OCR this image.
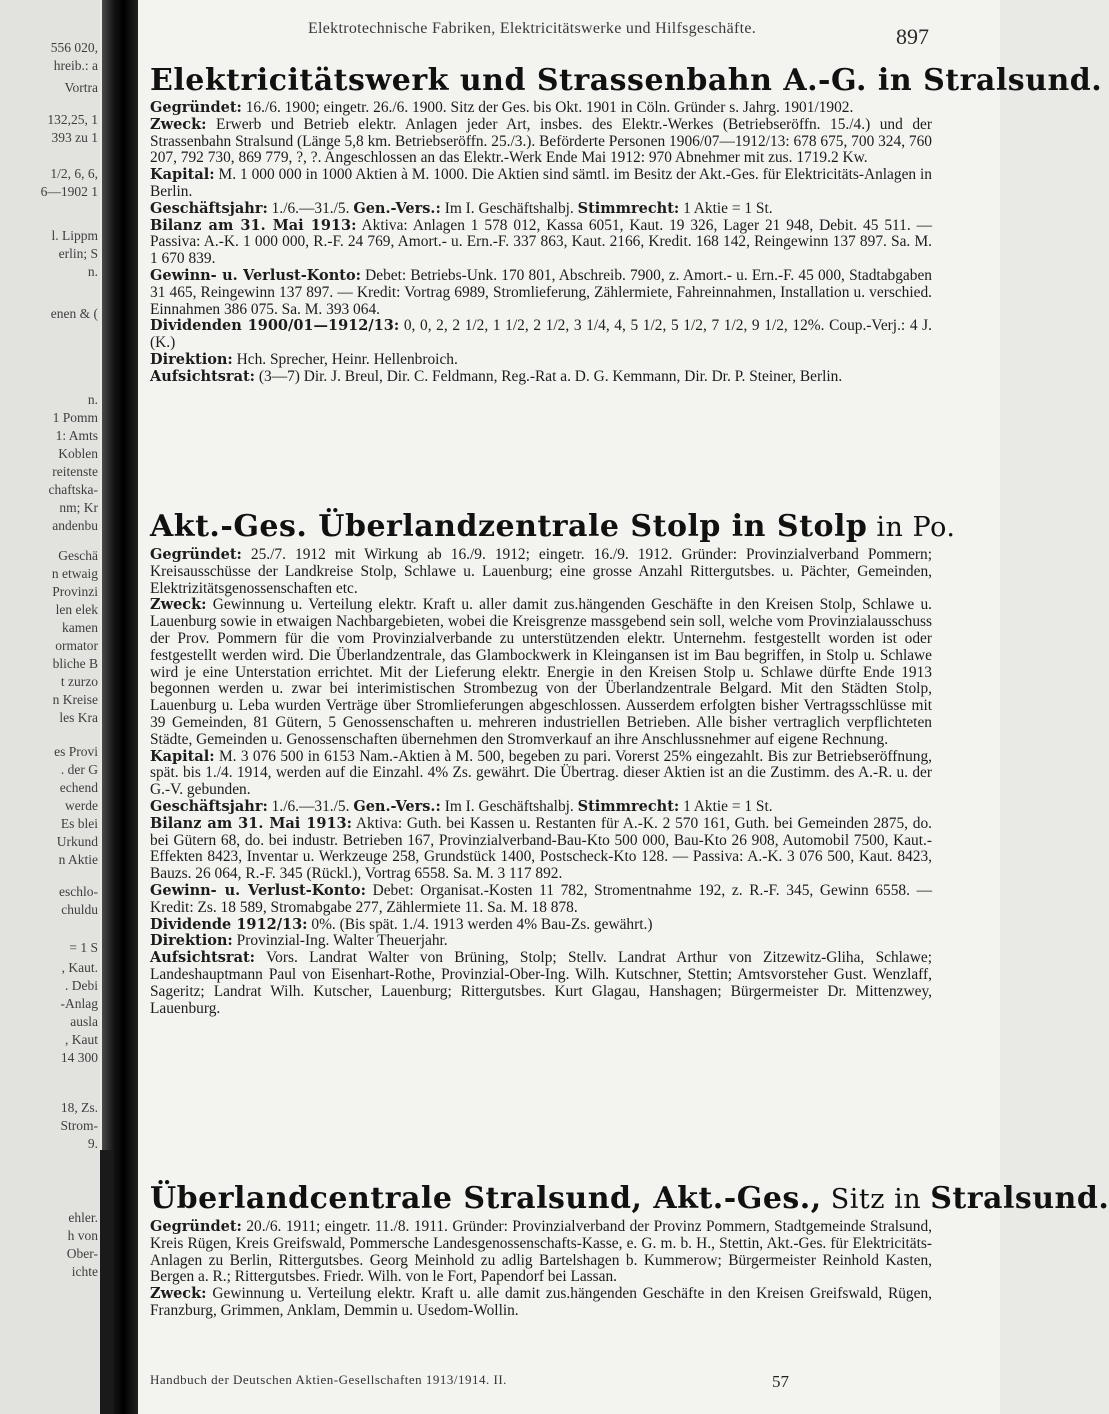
556 020,
hreib.: a
Vortra
132,25, 1
393 zu 1
1/2, 6, 6,
6—1902 1
l. Lippm
erlin; S
n.
enen & (
n.
1 Pomm
1: Amts
Koblen
reitenste
chaftska-
nm; Kr
andenbu
Geschä
n etwaig
Provinzi
len elek
kamen
ormator
bliche B
t zurzo
n Kreise
les Kra
es Provi
. der G
echend
werde
Es blei
Urkund
n Aktie
eschlo-
chuldu
= 1 S
, Kaut.
. Debi
-Anlag
ausla
, Kaut
14 300
18, Zs.
Strom-
9.
ehler.
h von
Ober-
ichte
Elektrotechnische Fabriken, Elektricitätswerke und Hilfsgeschäfte.	897
Elektricitätswerk und Strassenbahn A.-G. in Stralsund.

Gegründet: 16./6. 1900; eingetr. 26./6. 1900. Sitz der Ges. bis Okt. 1901 in Cöln. Gründer s. Jahrg. 1901/1902.

Zweck: Erwerb und Betrieb elektr. Anlagen jeder Art, insbes. des Elektr.-Werkes (Betriebseröffn. 15./4.) und der Strassenbahn Stralsund (Länge 5,8 km. Betriebseröffn. 25./3.). Beförderte Personen 1906/07—1912/13: 678 675, 700 324, 760 207, 792 730, 869 779, ?, ?. Angeschlossen an das Elektr.-Werk Ende Mai 1912: 970 Abnehmer mit zus. 1719.2 Kw.

Kapital: M. 1 000 000 in 1000 Aktien à M. 1000. Die Aktien sind sämtl. im Besitz der Akt.-Ges. für Elektricitäts-Anlagen in Berlin.

Geschäftsjahr: 1./6.—31./5. Gen.-Vers.: Im I. Geschäftshalbj. Stimmrecht: 1 Aktie = 1 St.

Bilanz am 31. Mai 1913: Aktiva: Anlagen 1 578 012, Kassa 6051, Kaut. 19 326, Lager 21 948, Debit. 45 511. — Passiva: A.-K. 1 000 000, R.-F. 24 769, Amort.- u. Ern.-F. 337 863, Kaut. 2166, Kredit. 168 142, Reingewinn 137 897. Sa. M. 1 670 839.

Gewinn- u. Verlust-Konto: Debet: Betriebs-Unk. 170 801, Abschreib. 7900, z. Amort.- u. Ern.-F. 45 000, Stadtabgaben 31 465, Reingewinn 137 897. — Kredit: Vortrag 6989, Stromlieferung, Zählermiete, Fahreinnahmen, Installation u. verschied. Einnahmen 386 075. Sa. M. 393 064.

Dividenden 1900/01—1912/13: 0, 0, 2, 2 1/2, 1 1/2, 2 1/2, 3 1/4, 4, 5 1/2, 5 1/2, 7 1/2, 9 1/2, 12%. Coup.-Verj.: 4 J. (K.)

Direktion: Hch. Sprecher, Heinr. Hellenbroich.

Aufsichtsrat: (3—7) Dir. J. Breul, Dir. C. Feldmann, Reg.-Rat a. D. G. Kemmann, Dir. Dr. P. Steiner, Berlin.

Akt.-Ges. Überlandzentrale Stolp in Stolp in Po.

Gegründet: 25./7. 1912 mit Wirkung ab 16./9. 1912; eingetr. 16./9. 1912. Gründer: Provinzialverband Pommern; Kreisausschüsse der Landkreise Stolp, Schlawe u. Lauenburg; eine grosse Anzahl Rittergutsbes. u. Pächter, Gemeinden, Elektrizitätsgenossenschaften etc.

Zweck: Gewinnung u. Verteilung elektr. Kraft u. aller damit zus.hängenden Geschäfte in den Kreisen Stolp, Schlawe u. Lauenburg sowie in etwaigen Nachbargebieten, wobei die Kreisgrenze massgebend sein soll, welche vom Provinzialausschuss der Prov. Pommern für die vom Provinzialverbande zu unterstützenden elektr. Unternehm. festgestellt worden ist oder festgestellt werden wird. Die Überlandzentrale, das Glambockwerk in Kleingansen ist im Bau begriffen, in Stolp u. Schlawe wird je eine Unterstation errichtet. Mit der Lieferung elektr. Energie in den Kreisen Stolp u. Schlawe dürfte Ende 1913 begonnen werden u. zwar bei interimistischen Strombezug von der Überlandzentrale Belgard. Mit den Städten Stolp, Lauenburg u. Leba wurden Verträge über Stromlieferungen abgeschlossen. Ausserdem erfolgten bisher Vertragsschlüsse mit 39 Gemeinden, 81 Gütern, 5 Genossenschaften u. mehreren industriellen Betrieben. Alle bisher vertraglich verpflichteten Städte, Gemeinden u. Genossenschaften übernehmen den Stromverkauf an ihre Anschlussnehmer auf eigene Rechnung.

Kapital: M. 3 076 500 in 6153 Nam.-Aktien à M. 500, begeben zu pari. Vorerst 25% eingezahlt. Bis zur Betriebseröffnung, spät. bis 1./4. 1914, werden auf die Einzahl. 4% Zs. gewährt. Die Übertrag. dieser Aktien ist an die Zustimm. des A.-R. u. der G.-V. gebunden.

Geschäftsjahr: 1./6.—31./5. Gen.-Vers.: Im I. Geschäftshalbj. Stimmrecht: 1 Aktie = 1 St.

Bilanz am 31. Mai 1913: Aktiva: Guth. bei Kassen u. Restanten für A.-K. 2 570 161, Guth. bei Gemeinden 2875, do. bei Gütern 68, do. bei industr. Betrieben 167, Provinzialverband-Bau-Kto 500 000, Bau-Kto 26 908, Automobil 7500, Kaut.-Effekten 8423, Inventar u. Werkzeuge 258, Grundstück 1400, Postscheck-Kto 128. — Passiva: A.-K. 3 076 500, Kaut. 8423, Bauzs. 26 064, R.-F. 345 (Rückl.), Vortrag 6558. Sa. M. 3 117 892.

Gewinn- u. Verlust-Konto: Debet: Organisat.-Kosten 11 782, Stromentnahme 192, z. R.-F. 345, Gewinn 6558. — Kredit: Zs. 18 589, Stromabgabe 277, Zählermiete 11. Sa. M. 18 878.

Dividende 1912/13: 0%. (Bis spät. 1./4. 1913 werden 4% Bau-Zs. gewährt.)

Direktion: Provinzial-Ing. Walter Theuerjahr.

Aufsichtsrat: Vors. Landrat Walter von Brüning, Stolp; Stellv. Landrat Arthur von Zitzewitz-Gliha, Schlawe; Landeshauptmann Paul von Eisenhart-Rothe, Provinzial-Ober-Ing. Wilh. Kutschner, Stettin; Amtsvorsteher Gust. Wenzlaff, Sageritz; Landrat Wilh. Kutscher, Lauenburg; Rittergutsbes. Kurt Glagau, Hanshagen; Bürgermeister Dr. Mittenzwey, Lauenburg.

Überlandcentrale Stralsund, Akt.-Ges., Sitz in Stralsund.

Gegründet: 20./6. 1911; eingetr. 11./8. 1911. Gründer: Provinzialverband der Provinz Pommern, Stadtgemeinde Stralsund, Kreis Rügen, Kreis Greifswald, Pommersche Landesgenossenschafts-Kasse, e. G. m. b. H., Stettin, Akt.-Ges. für Elektricitäts-Anlagen zu Berlin, Rittergutsbes. Georg Meinhold zu adlig Bartelshagen b. Kummerow; Bürgermeister Reinhold Kasten, Bergen a. R.; Rittergutsbes. Friedr. Wilh. von le Fort, Papendorf bei Lassan.

Zweck: Gewinnung u. Verteilung elektr. Kraft u. alle damit zus.hängenden Geschäfte in den Kreisen Greifswald, Rügen, Franzburg, Grimmen, Anklam, Demmin u. Usedom-Wollin.

Handbuch der Deutschen Aktien-Gesellschaften 1913/1914. II.	57
